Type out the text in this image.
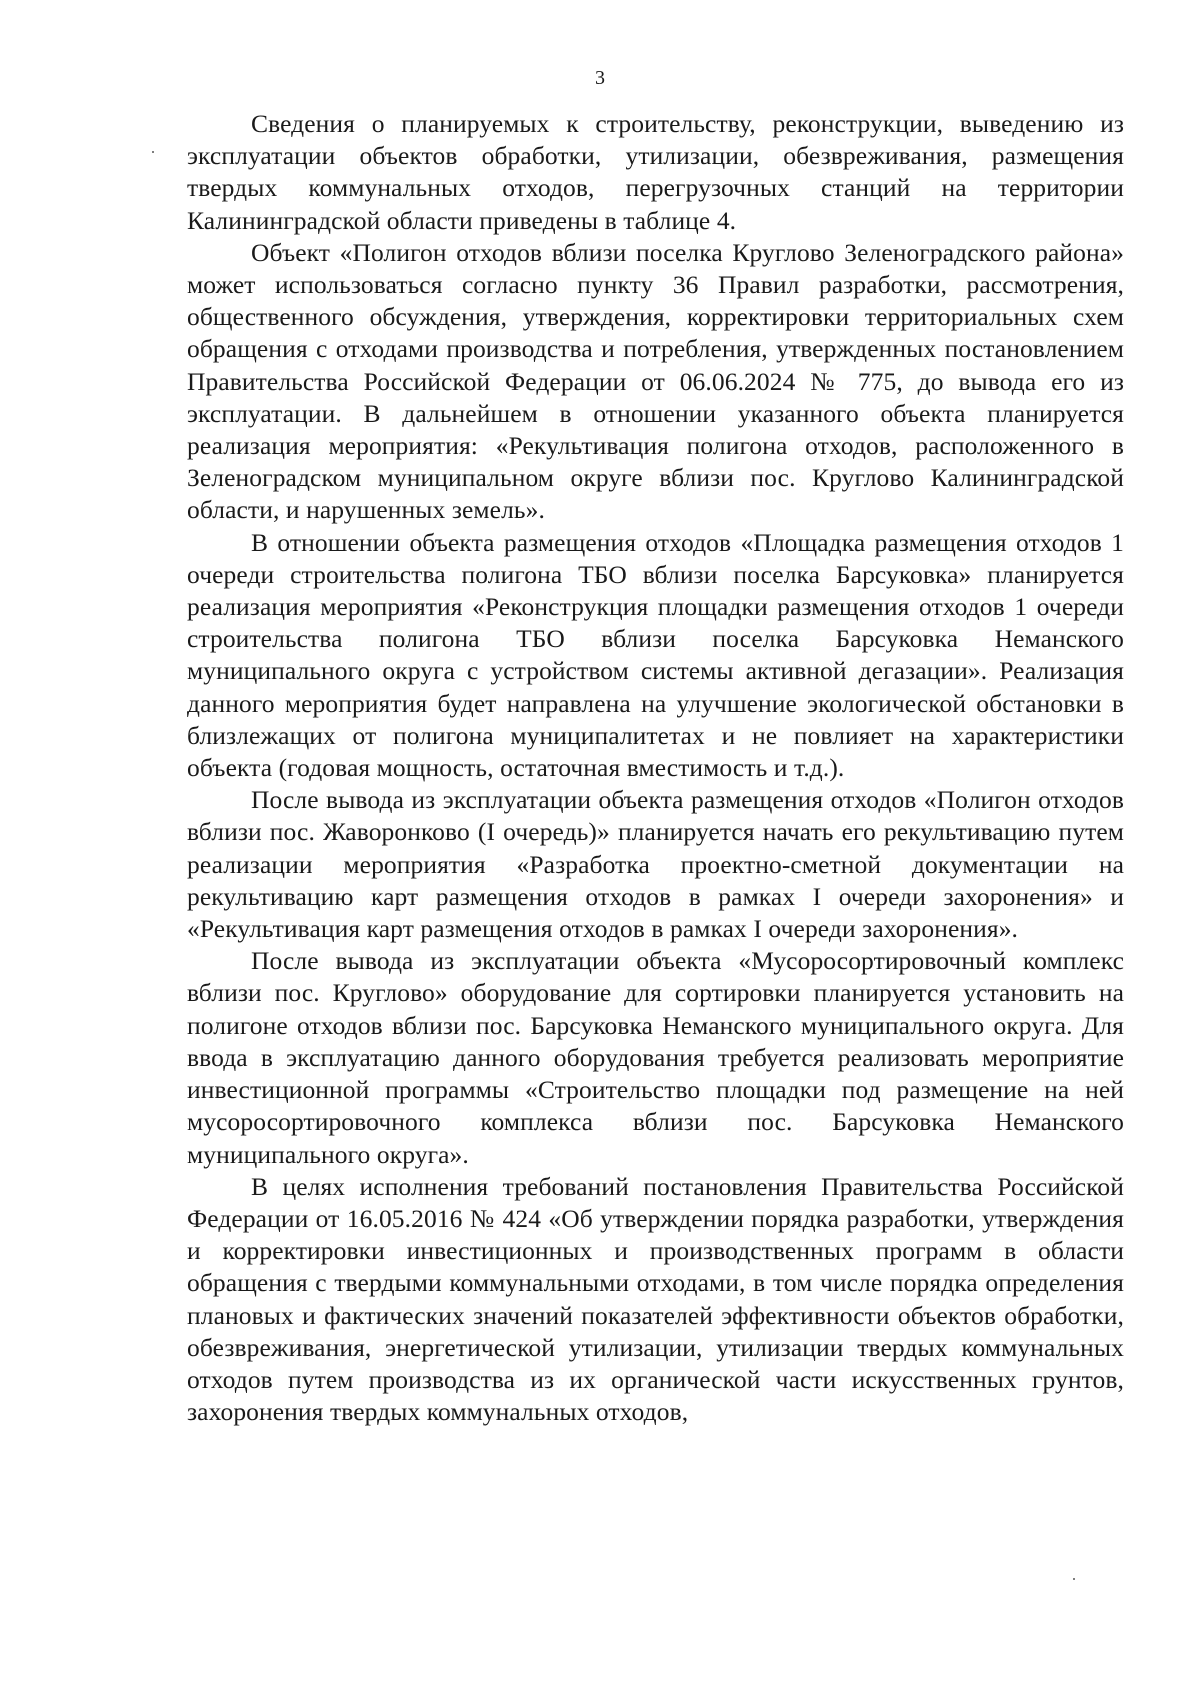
3

Сведения о планируемых к строительству, реконструкции, выведению из эксплуатации объектов обработки, утилизации, обезвреживания, размещения твердых коммунальных отходов, перегрузочных станций на территории Калининградской области приведены в таблице 4.

Объект «Полигон отходов вблизи поселка Круглово Зеленоградского района» может использоваться согласно пункту 36 Правил разработки, рассмотрения, общественного обсуждения, утверждения, корректировки территориальных схем обращения с отходами производства и потребления, утвержденных постановлением Правительства Российской Федерации от 06.06.2024 № 775, до вывода его из эксплуатации. В дальнейшем в отношении указанного объекта планируется реализация мероприятия: «Рекультивация полигона отходов, расположенного в Зеленоградском муниципальном округе вблизи пос. Круглово Калининградской области, и нарушенных земель».

В отношении объекта размещения отходов «Площадка размещения отходов 1 очереди строительства полигона ТБО вблизи поселка Барсуковка» планируется реализация мероприятия «Реконструкция площадки размещения отходов 1 очереди строительства полигона ТБО вблизи поселка Барсуковка Неманского муниципального округа с устройством системы активной дегазации». Реализация данного мероприятия будет направлена на улучшение экологической обстановки в близлежащих от полигона муниципалитетах и не повлияет на характеристики объекта (годовая мощность, остаточная вместимость и т.д.).

После вывода из эксплуатации объекта размещения отходов «Полигон отходов вблизи пос. Жаворонково (I очередь)» планируется начать его рекультивацию путем реализации мероприятия «Разработка проектно-сметной документации на рекультивацию карт размещения отходов в рамках I очереди захоронения» и «Рекультивация карт размещения отходов в рамках I очереди захоронения».

После вывода из эксплуатации объекта «Мусоросортировочный комплекс вблизи пос. Круглово» оборудование для сортировки планируется установить на полигоне отходов вблизи пос. Барсуковка Неманского муниципального округа. Для ввода в эксплуатацию данного оборудования требуется реализовать мероприятие инвестиционной программы «Строительство площадки под размещение на ней мусоросортировочного комплекса вблизи пос. Барсуковка Неманского муниципального округа».

В целях исполнения требований постановления Правительства Российской Федерации от 16.05.2016 № 424 «Об утверждении порядка разработки, утверждения и корректировки инвестиционных и производственных программ в области обращения с твердыми коммунальными отходами, в том числе порядка определения плановых и фактических значений показателей эффективности объектов обработки, обезвреживания, энергетической утилизации, утилизации твердых коммунальных отходов путем производства из их органической части искусственных грунтов, захоронения твердых коммунальных отходов,
